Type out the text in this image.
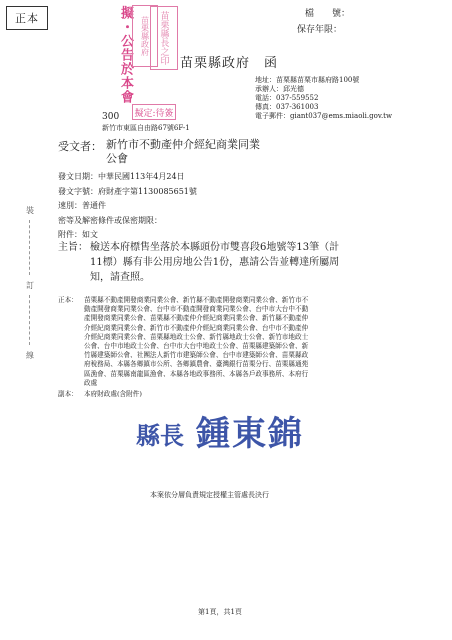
正本	檔　　號：
保存年限：
擬・公告於本會 苗栗縣政府	苗栗縣長之印
擬定:待簽
苗栗縣政府　函
地址：苗栗縣苗栗市縣府路100號
承辦人：邱光德
電話：037-559552
傳真：037-361003
電子郵件：giant037@ems.miaoli.gov.tw
300
新竹市東區自由路67號6F-1
受文者： 新竹市不動產仲介經紀商業同業
公會
發文日期：中華民國113年4月24日
發文字號：府財產字第1130085651號
速別：普通件
密等及解密條件或保密期限：
附件：如文
裝
訂
線
主旨： 檢送本府標售坐落於本縣頭份市雙喜段6地號等13筆（計
11標）縣有非公用房地公告1份，惠請公告並轉達所屬周
知，請查照。
正本： 苗栗縣不動產開發商業同業公會、新竹縣不動產開發商業同業公會、新竹市不
動產開發商業同業公會、台中市不動產開發商業同業公會、台中市大台中不動
產開發商業同業公會、苗栗縣不動產仲介經紀商業同業公會、新竹縣不動產仲
介經紀商業同業公會、新竹市不動產仲介經紀商業同業公會、台中市不動產仲
介經紀商業同業公會、苗栗縣地政士公會、新竹縣地政士公會、新竹市地政士
公會、台中市地政士公會、台中市大台中地政士公會、苗栗縣建築師公會、新
竹縣建築師公會、社團法人新竹市建築師公會、台中市建築師公會、苗栗縣政
府稅務局、本縣各鄉鎮市公所、各鄉鎮農會、臺灣銀行苗栗分行、苗栗縣通苑
區漁會、苗栗縣南龍區漁會、本縣各地政事務所、本縣各戶政事務所、本府行
政處
副本： 本府財政處(含附件)
縣長 鍾東錦
本案依分層負責規定授權主管處長決行
第1頁，共1頁
